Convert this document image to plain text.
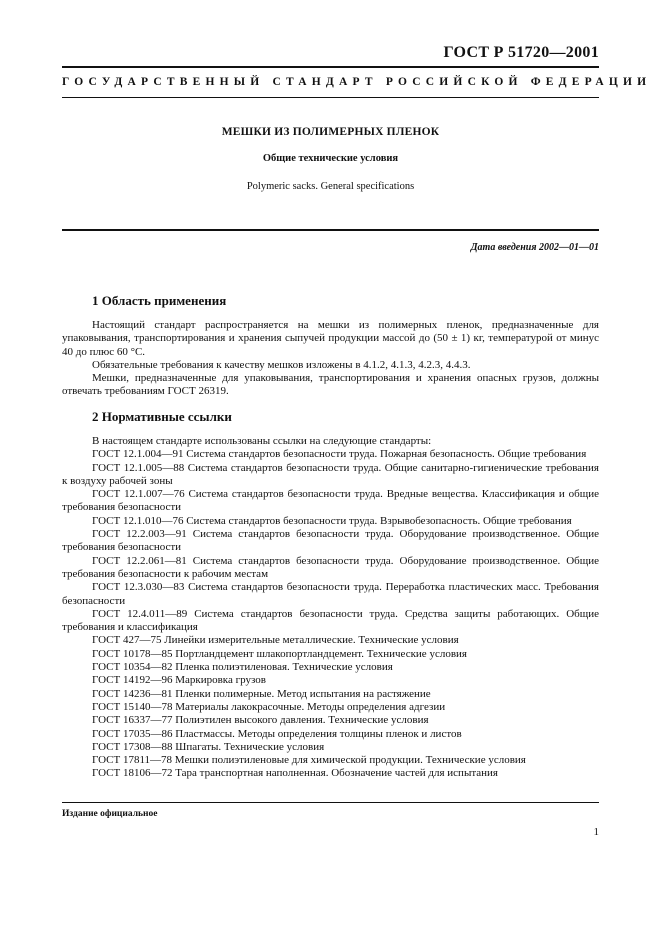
ГОСТ Р 51720—2001
ГОСУДАРСТВЕННЫЙ СТАНДАРТ РОССИЙСКОЙ ФЕДЕРАЦИИ
МЕШКИ ИЗ ПОЛИМЕРНЫХ ПЛЕНОК
Общие технические условия
Polymeric sacks. General specifications
Дата введения 2002—01—01
1 Область применения

Настоящий стандарт распространяется на мешки из полимерных пленок, предназначенные для упаковывания, транспортирования и хранения сыпучей продукции массой до (50 ± 1) кг, температурой от минус 40 до плюс 60 °С.

Обязательные требования к качеству мешков изложены в 4.1.2, 4.1.3, 4.2.3, 4.4.3.

Мешки, предназначенные для упаковывания, транспортирования и хранения опасных грузов, должны отвечать требованиям ГОСТ 26319.

2 Нормативные ссылки

В настоящем стандарте использованы ссылки на следующие стандарты:

ГОСТ 12.1.004—91 Система стандартов безопасности труда. Пожарная безопасность. Общие требования

ГОСТ 12.1.005—88 Система стандартов безопасности труда. Общие санитарно-гигиенические требования к воздуху рабочей зоны

ГОСТ 12.1.007—76 Система стандартов безопасности труда. Вредные вещества. Классификация и общие требования безопасности

ГОСТ 12.1.010—76 Система стандартов безопасности труда. Взрывобезопасность. Общие требования

ГОСТ 12.2.003—91 Система стандартов безопасности труда. Оборудование производственное. Общие требования безопасности

ГОСТ 12.2.061—81 Система стандартов безопасности труда. Оборудование производственное. Общие требования безопасности к рабочим местам

ГОСТ 12.3.030—83 Система стандартов безопасности труда. Переработка пластических масс. Требования безопасности

ГОСТ 12.4.011—89 Система стандартов безопасности труда. Средства защиты работающих. Общие требования и классификация

ГОСТ 427—75 Линейки измерительные металлические. Технические условия

ГОСТ 10178—85 Портландцемент шлакопортландцемент. Технические условия

ГОСТ 10354—82 Пленка полиэтиленовая. Технические условия

ГОСТ 14192—96 Маркировка грузов

ГОСТ 14236—81 Пленки полимерные. Метод испытания на растяжение

ГОСТ 15140—78 Материалы лакокрасочные. Методы определения адгезии

ГОСТ 16337—77 Полиэтилен высокого давления. Технические условия

ГОСТ 17035—86 Пластмассы. Методы определения толщины пленок и листов

ГОСТ 17308—88 Шпагаты. Технические условия

ГОСТ 17811—78 Мешки полиэтиленовые для химической продукции. Технические условия

ГОСТ 18106—72 Тара транспортная наполненная. Обозначение частей для испытания

Издание официальное
1
